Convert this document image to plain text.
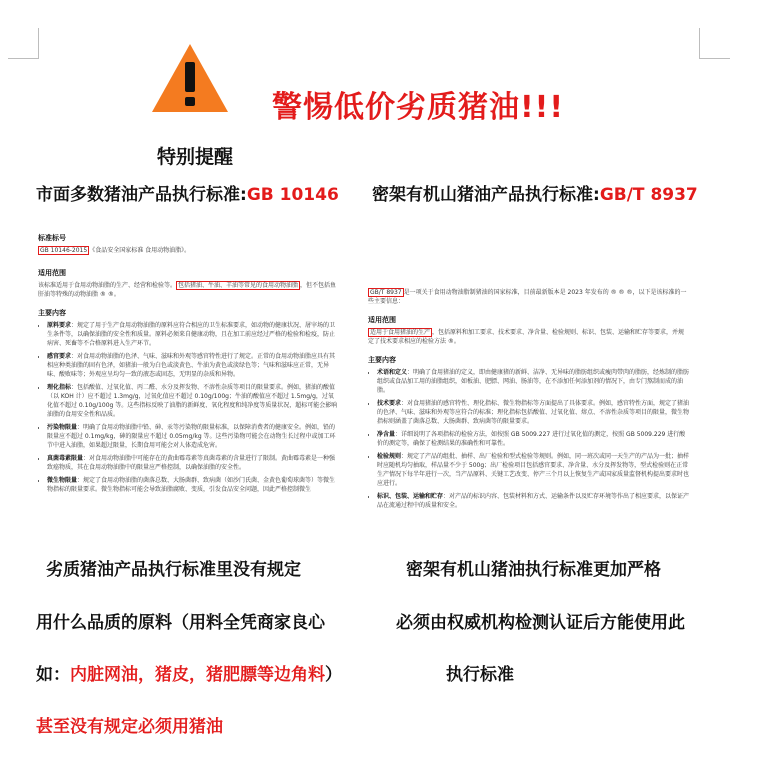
特别提醒
警惕低价劣质猪油!!!
市面多数猪油产品执行标准:GB 10146 密架有机山猪油产品执行标准:GB/T 8937
标准标号
GB 10146-2015 《食品安全国家标准 食用动物油脂》。
适用范围
该标准适用于食用动物油脂的生产、经营和检验等。 包括猪油、牛油、羊油等常见的食用动物油脂 ，但不包括鱼肝油等特殊的动物油脂 ® ®。
主要内容
• 原料要求：规定了用于生产食用动物油脂的原料应符合相应的卫生标准要求，如动物的健康状况、屠宰场的卫生条件等，以确保油脂的安全性和质量。原料必须来自健康动物，且在加工前应经过严格的检验和检疫，防止病害、死畜等不合格原料进入生产环节。
• 感官要求：对食用动物油脂的色泽、气味、滋味和外观等感官特性进行了规定。正常的食用动物油脂应具有其相应种类油脂的固有色泽，如猪油一般为白色或淡黄色、牛油为黄色或淡绿色等；气味和滋味应正常，无异味、酸败味等；外观应呈均匀一致的液态或固态，无明显的杂质和异物。
• 理化指标：包括酸值、过氧化值、丙二醛、水分及挥发物、不溶性杂质等项目的限量要求。例如，猪油的酸值（以 KOH 计）应不超过 1.3mg/g，过氧化值应不超过 0.10g/100g；牛油的酸值应不超过 1.5mg/g，过氧化值不超过 0.10g/100g 等。这些指标反映了油脂的新鲜度、氧化程度和纯净度等质量状况，超标可能会影响油脂的食用安全性和品质。
• 污染物限量：明确了食用动物油脂中铅、砷、汞等污染物的限量标准，以保障消费者的健康安全。例如，铅的限量应不超过 0.1mg/kg，砷的限量应不超过 0.05mg/kg 等。这些污染物可能会在动物生长过程中或加工环节中进入油脂，如果超过限量，长期食用可能会对人体造成危害。
• 真菌毒素限量：对食用动物油脂中可能存在的黄曲霉毒素等真菌毒素的含量进行了限制。黄曲霉毒素是一种强致癌物质，其在食用动物油脂中的限量应严格控制，以确保油脂的安全性。
• 微生物限量：规定了食用动物油脂的菌落总数、大肠菌群、致病菌（如沙门氏菌、金黄色葡萄球菌等）等微生物指标的限量要求。微生物指标可能会导致油脂腐败、变质，引发食品安全问题，因此严格控制微生
GB/T 8937 是一项关于食用动物油脂制猪油的国家标准，目前最新版本是 2023 年发布的 ® ® ®，以下是该标准的一些主要信息：
适用范围
适用于食用猪油的生产 ，包括原料和加工要求、技术要求、净含量、检验规则、标识、包装、运输和贮存等要求，并规定了技术要求相应的检验方法 ®。
主要内容
• 术语和定义：明确了食用猪油的定义，即由健康猪的新鲜、洁净、无异味的脂肪组织或瘦肉带肉的脂肪，经炼制的脂肪组织或食品加工用的油脂组织，如板油、肥膘、网油、肠油等，在不添加任何添加剂的情况下，由专门熬制而成的油脂。
• 技术要求：对食用猪油的感官特性、理化指标、微生物指标等方面提出了具体要求。例如，感官特性方面，规定了猪油的色泽、气味、滋味和外观等应符合的标准；理化指标包括酸值、过氧化值、熔点、不溶性杂质等项目的限量，微生物指标则涵盖了菌落总数、大肠菌群、致病菌等的限量要求。
• 净含量：详细说明了各项指标的检验方法，如按照 GB 5009.227 进行过氧化值的测定，按照 GB 5009.229 进行酸价的测定等，确保了检测结果的准确性和可靠性。
• 检验规则：规定了产品的组批、抽样、出厂检验和型式检验等规则。例如，同一班次或同一天生产的产品为一批；抽样时应随机均匀抽取，样品量不少于 500g；出厂检验项目包括感官要求、净含量、水分及挥发物等，型式检验则在正常生产情况下每半年进行一次，当产品原料、关键工艺改变、停产三个月以上恢复生产或国家质量监督机构提出要求时也应进行。
• 标识、包装、运输和贮存：对产品的标识内容、包装材料和方式、运输条件以及贮存环境等作出了相应要求，以保证产品在流通过程中的质量和安全。
劣质猪油产品执行标准里没有规定
用什么品质的原料（用料全凭商家良心
如：内脏网油，猪皮，猪肥膘等边角料）
甚至没有规定必须用猪油
密架有机山猪油执行标准更加严格
必须由权威机构检测认证后方能使用此
执行标准
